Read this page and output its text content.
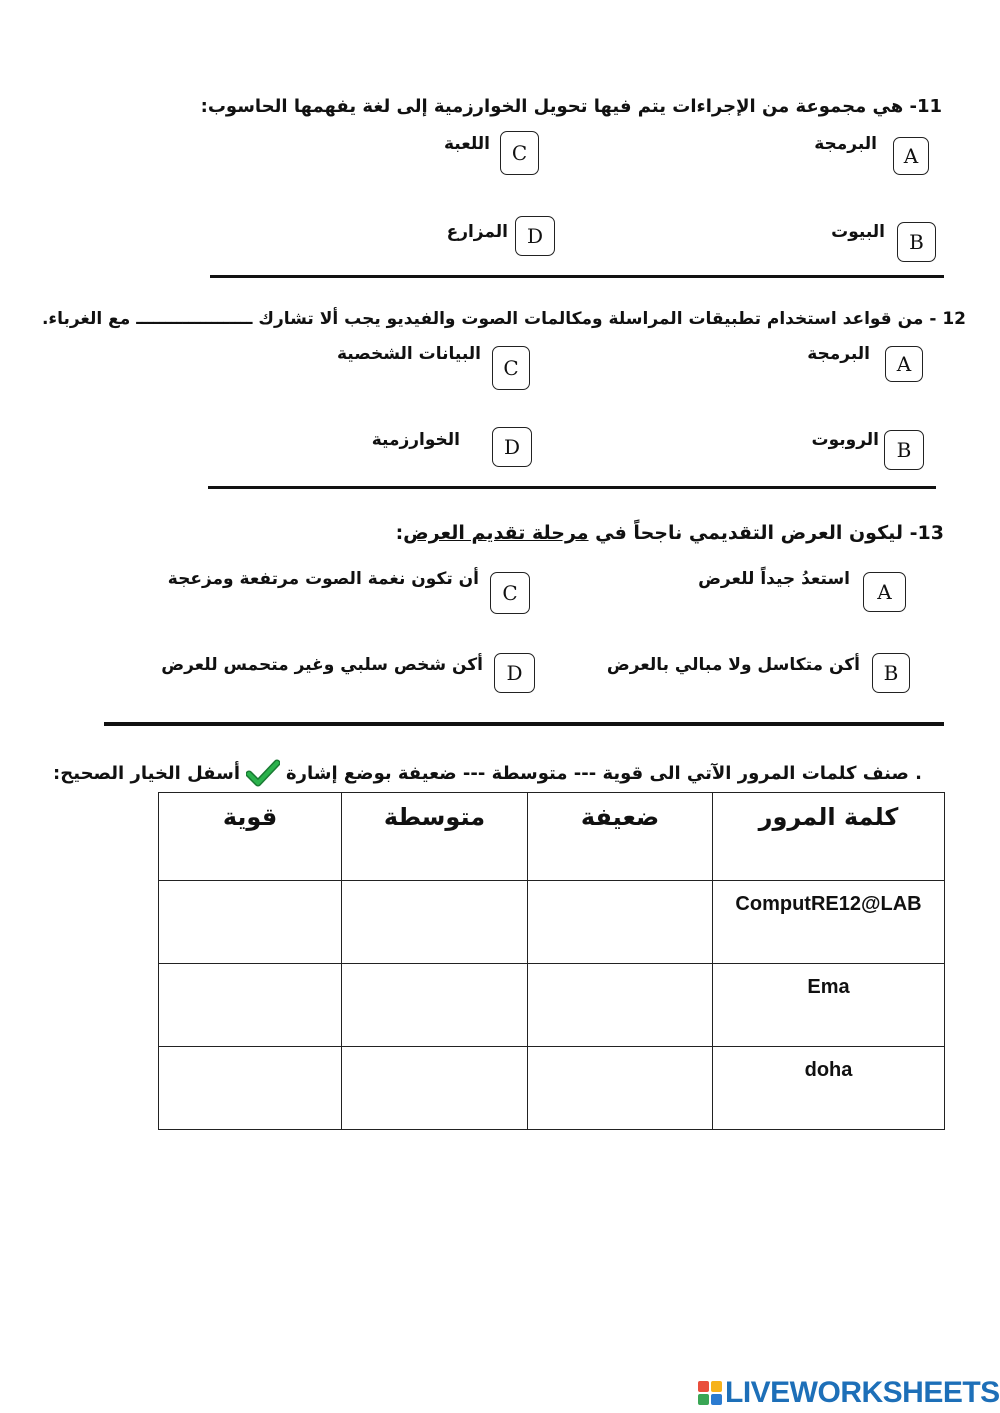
11- هي مجموعة من الإجراءات يتم فيها تحويل الخوارزمية إلى لغة يفهمها الحاسوب:
A
البرمجة
C
اللعبة
B
البيوت
D
المزارع
12 - من قواعد استخدام تطبيقات المراسلة ومكالمات الصوت والفيديو يجب ألا تشارك ــــــــــــــــــــ مع الغرباء.
A
البرمجة
C
البيانات الشخصية
B
الروبوت
D
الخوارزمية
13- ليكون العرض التقديمي ناجحاً في مرحلة تقديم العرض:
A
استعدُ جيداً للعرض
C
أن تكون نغمة الصوت مرتفعة ومزعجة
B
أكن متكاسل ولا مبالي بالعرض
D
أكن شخص سلبي وغير متحمس للعرض
. صنف كلمات المرور الآتي الى قوية --- متوسطة --- ضعيفة بوضع إشارة
أسفل الخيار الصحيح:
كلمة المرور	ضعيفة	متوسطة	قوية
ComputRE12@LAB			
Ema			
doha			
LIVEWORKSHEETS
